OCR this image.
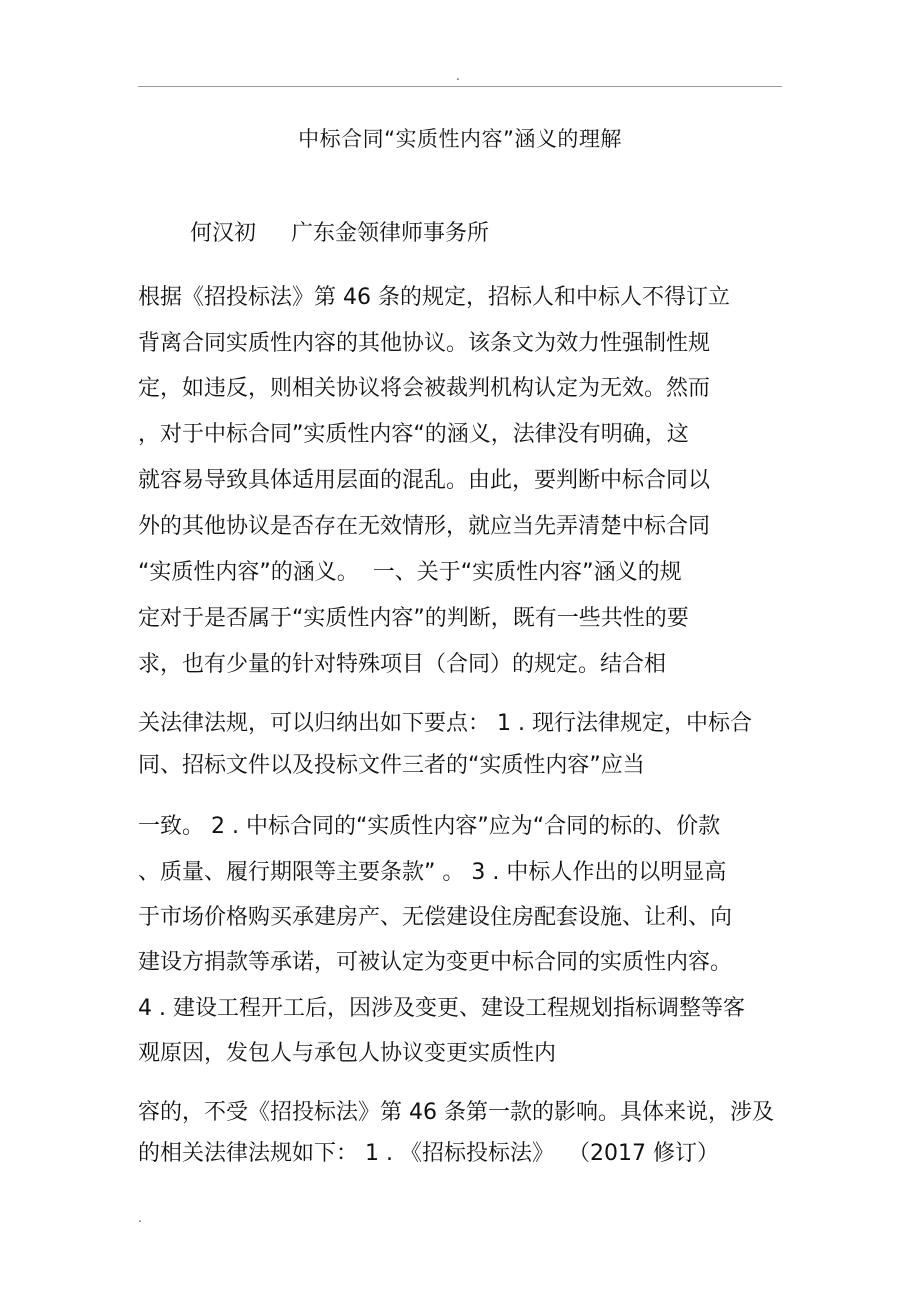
.
中标合同“实质性内容”涵义的理解
何汉初     广东金领律师事务所
根据《招投标法》第 46 条的规定，招标人和中标人不得订立
背离合同实质性内容的其他协议。该条文为效力性强制性规
定，如违反，则相关协议将会被裁判机构认定为无效。然而
，对于中标合同”实质性内容“的涵义，法律没有明确，这
就容易导致具体适用层面的混乱。由此，要判断中标合同以
外的其他协议是否存在无效情形，就应当先弄清楚中标合同
“实质性内容”的涵义。  一、关于“实质性内容”涵义的规
定对于是否属于“实质性内容”的判断，既有一些共性的要
求，也有少量的针对特殊项目（合同）的规定。结合相
关法律法规，可以归纳出如下要点： 1 . 现行法律规定，中标合
同、招标文件以及投标文件三者的“实质性内容”应当
一致。 2 . 中标合同的“实质性内容”应为“合同的标的、价款
、质量、履行期限等主要条款” 。 3 . 中标人作出的以明显高
于市场价格购买承建房产、无偿建设住房配套设施、让利、向
建设方捐款等承诺，可被认定为变更中标合同的实质性内容。
4 . 建设工程开工后，因涉及变更、建设工程规划指标调整等客
观原因，发包人与承包人协议变更实质性内
容的，不受《招投标法》第 46 条第一款的影响。具体来说，涉及
的相关法律法规如下： 1 . 《招标投标法》  （2017 修订）
.
